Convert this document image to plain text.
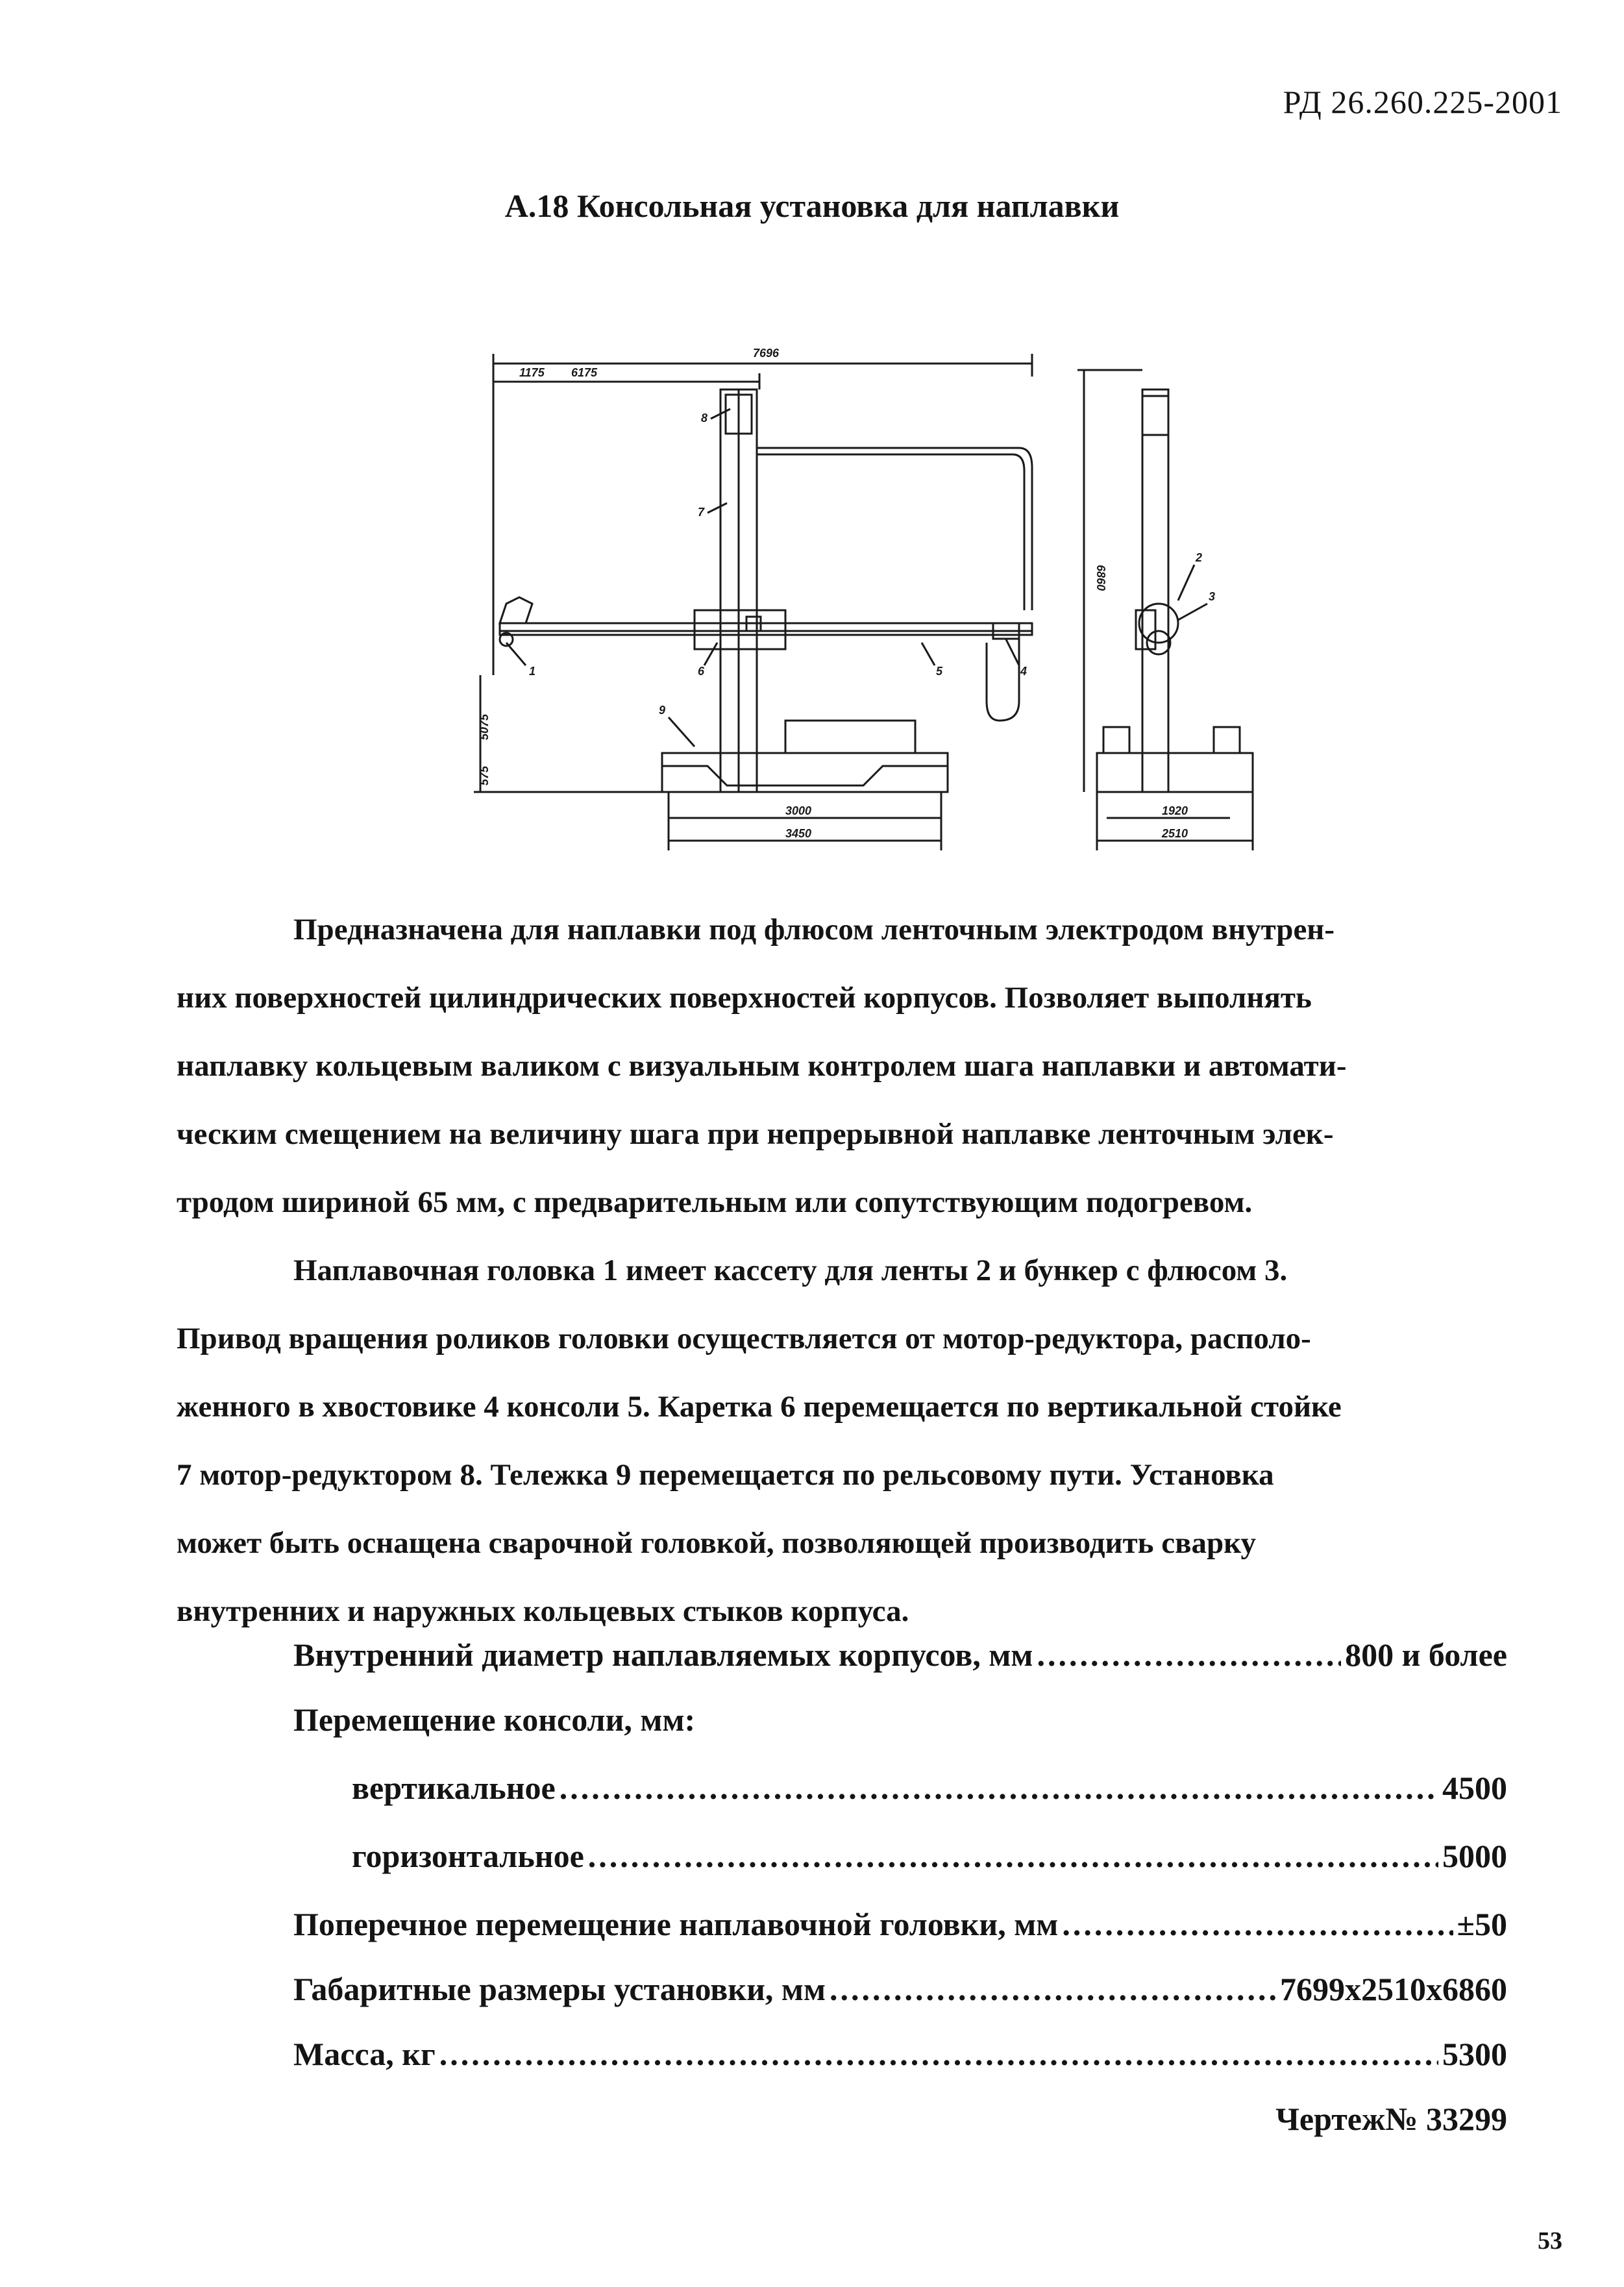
РД 26.260.225-2001
А.18 Консольная установка для наплавки
7696
1175 6175
6860
575
5075
3000
3450
1920
2510
1
2
3
4
5
6
7
8
9
Предназначена для наплавки под флюсом ленточным электродом внутрен-
них поверхностей цилиндрических поверхностей корпусов. Позволяет выполнять
наплавку кольцевым валиком с визуальным контролем шага наплавки и автомати-
ческим смещением на величину шага при непрерывной наплавке ленточным элек-
тродом шириной 65 мм, с предварительным или сопутствующим подогревом.
Наплавочная головка 1 имеет кассету для ленты 2 и бункер с флюсом 3.
Привод вращения роликов головки осуществляется от мотор-редуктора, располо-
женного в хвостовике 4 консоли 5. Каретка 6 перемещается по вертикальной стойке
7 мотор-редуктором 8. Тележка 9 перемещается по рельсовому пути. Установка
может быть оснащена сварочной головкой, позволяющей производить сварку
внутренних и наружных кольцевых стыков корпуса.
Внутренний диаметр наплавляемых корпусов, мм .....	800 и более
Перемещение консоли, мм:
вертикальное .....	4500
горизонтальное .....	5000
Поперечное перемещение наплавочной головки, мм .....	±50
Габаритные размеры установки, мм .....	7699х2510х6860
Масса, кг .....	5300
Чертеж№ 33299
53
